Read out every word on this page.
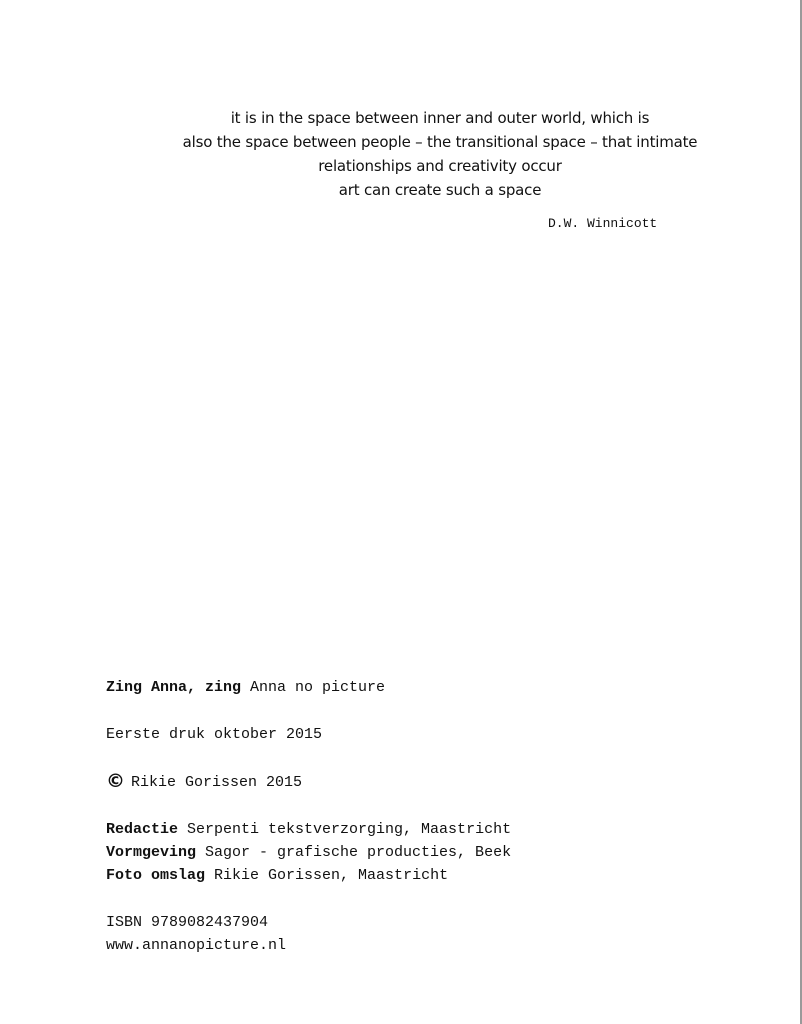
it is in the space between inner and outer world, which is
also the space between people – the transitional space – that intimate
relationships and creativity occur
art can create such a space
D.W. Winnicott
Zing Anna, zing Anna no picture
Eerste druk oktober 2015
© Rikie Gorissen 2015
Redactie Serpenti tekstverzorging, Maastricht
Vormgeving Sagor - grafische producties, Beek
Foto omslag Rikie Gorissen, Maastricht
ISBN 9789082437904
www.annanopicture.nl
